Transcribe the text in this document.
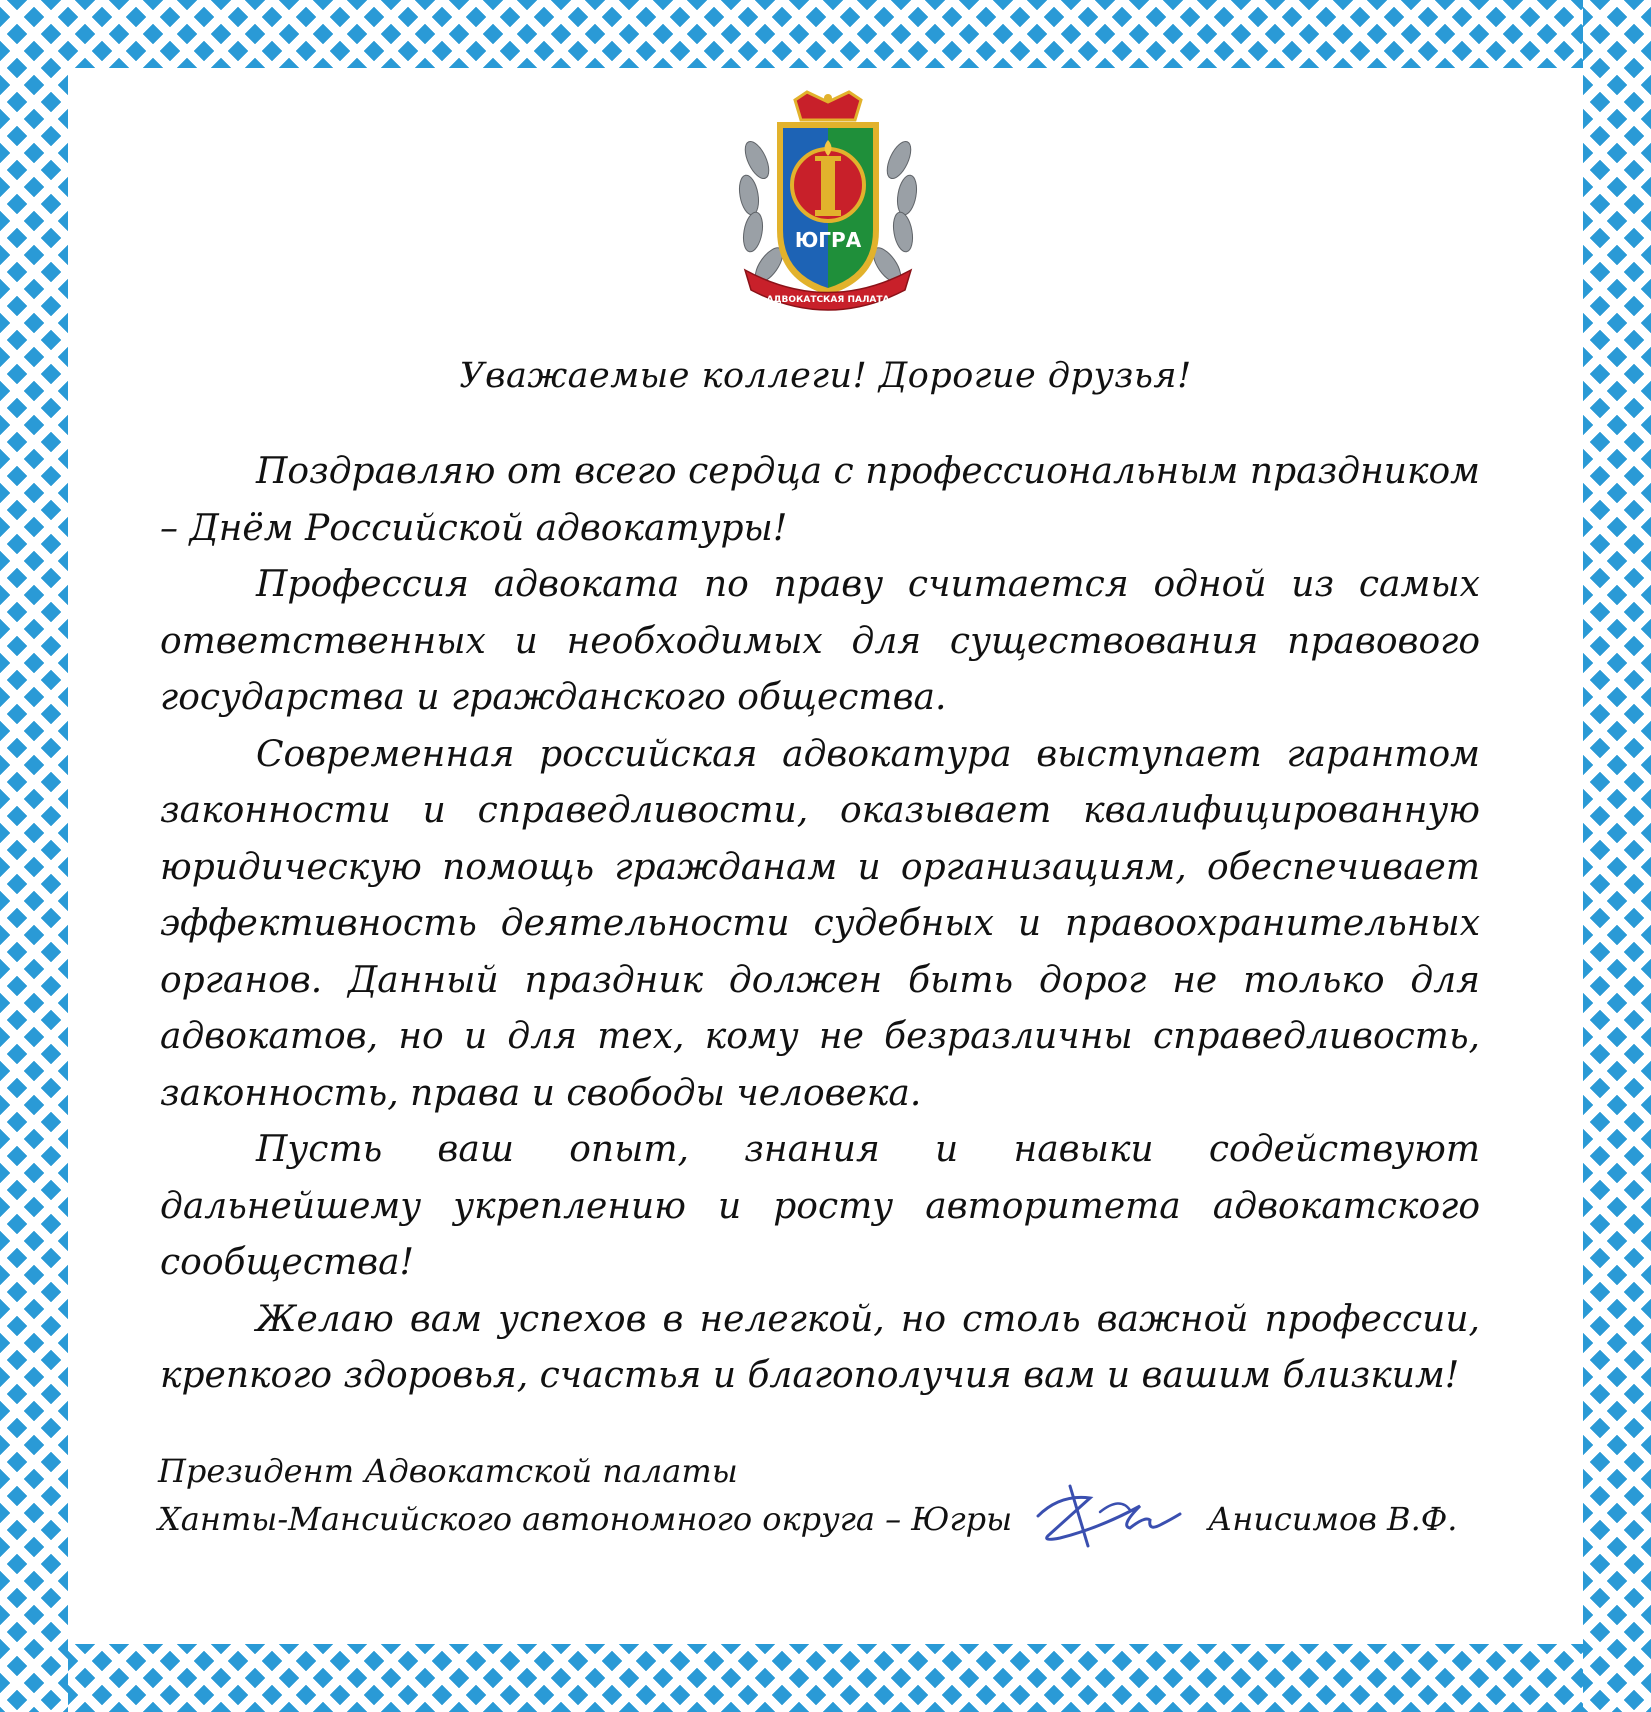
ЮГРА
АДВОКАТСКАЯ ПАЛАТА
Уважаемые коллеги! Дорогие друзья!

Поздравляю от всего сердца с профессиональным праздником – Днём Российской адвокатуры!

Профессия адвоката по праву считается одной из самых ответственных и необходимых для существования правового государства и гражданского общества.

Современная российская адвокатура выступает гарантом законности и справедливости, оказывает квалифицированную юридическую помощь гражданам и организациям, обеспечивает эффективность деятельности судебных и правоохранительных органов. Данный праздник должен быть дорог не только для адвокатов, но и для тех, кому не безразличны справедливость, законность, права и свободы человека.

Пусть ваш опыт, знания и навыки содействуют дальнейшему укреплению и росту авторитета адвокатского сообщества!

Желаю вам успехов в нелегкой, но столь важной профессии, крепкого здоровья, счастья и благополучия вам и вашим близким!

Президент Адвокатской палаты
Ханты-Мансийского автономного округа – Югры	Анисимов В.Ф.
